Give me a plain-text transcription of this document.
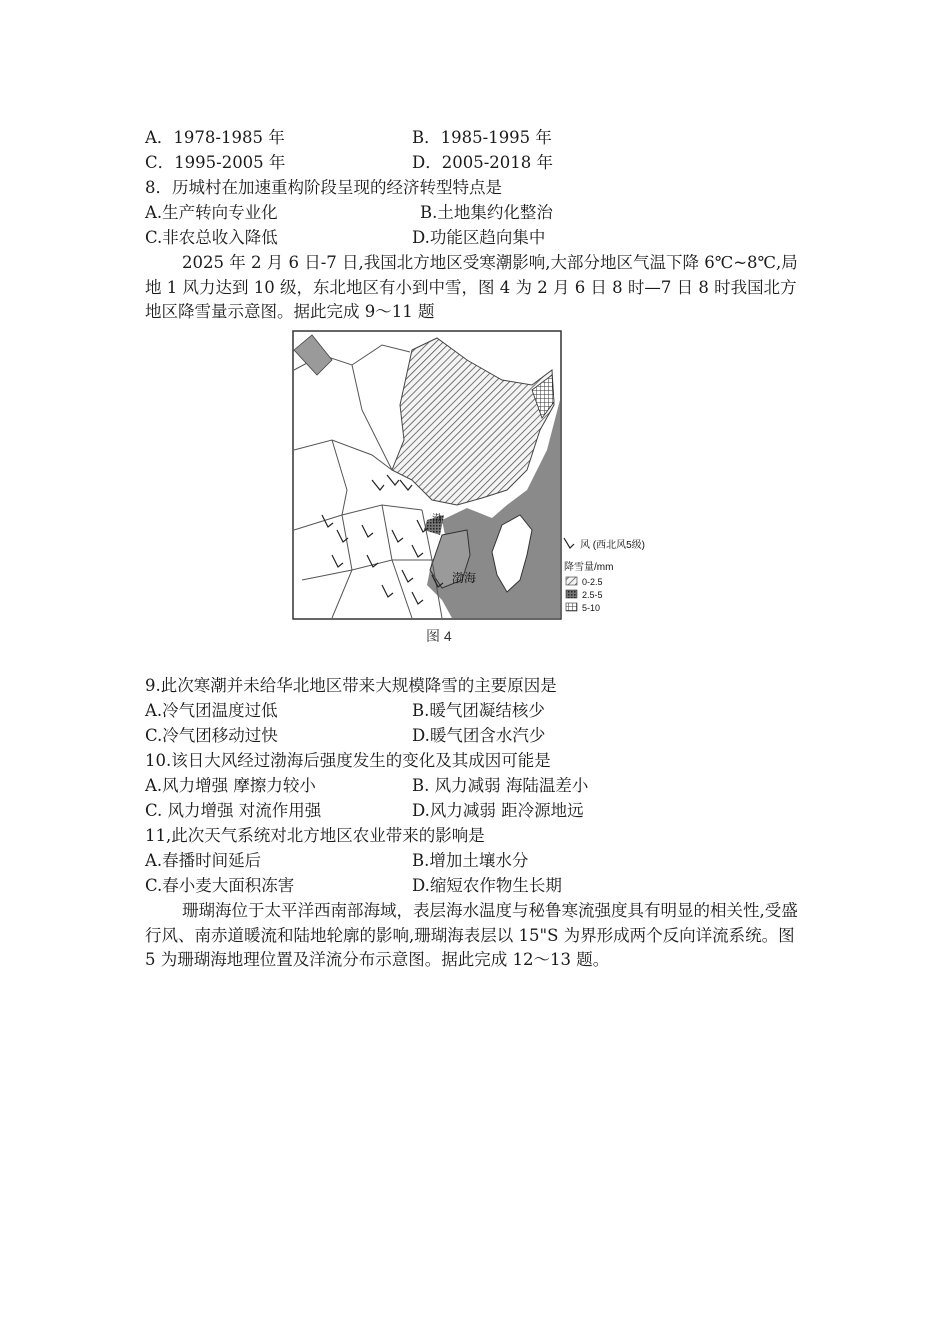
A．1978-1985 年	B．1985-1995 年
C．1995-2005 年	D．2005-2018 年
8．历城村在加速重构阶段呈现的经济转型特点是
A.生产转向专业化	B.土地集约化整治
C.非农总收入降低	D.功能区趋向集中
2025 年 2 月 6 日-7 日,我国北方地区受寒潮影响,大部分地区气温下降 6℃~8℃,局地 1 风力达到 10 级，东北地区有小到中雪，图 4 为 2 月 6 日 8 时—7 日 8 时我国北方地区降雪量示意图。据此完成 9～11 题
渤海
渤
风 (西北风5级)
降雪量/mm
0-2.5
2.5-5
5-10
图 4
9.此次寒潮并未给华北地区带来大规模降雪的主要原因是
A.冷气团温度过低	B.暖气团凝结核少
C.冷气团移动过快	D.暖气团含水汽少
10.该日大风经过渤海后强度发生的变化及其成因可能是
A.风力增强 摩擦力较小	B. 风力减弱 海陆温差小
C. 风力增强 对流作用强	D.风力减弱 距冷源地远
11,此次天气系统对北方地区农业带来的影响是
A.春播时间延后	B.增加土壤水分
C.春小麦大面积冻害	D.缩短农作物生长期
珊瑚海位于太平洋西南部海域，表层海水温度与秘鲁寒流强度具有明显的相关性,受盛行风、南赤道暖流和陆地轮廓的影响,珊瑚海表层以 15"S 为界形成两个反向详流系统。图 5 为珊瑚海地理位置及洋流分布示意图。据此完成 12～13 题。
